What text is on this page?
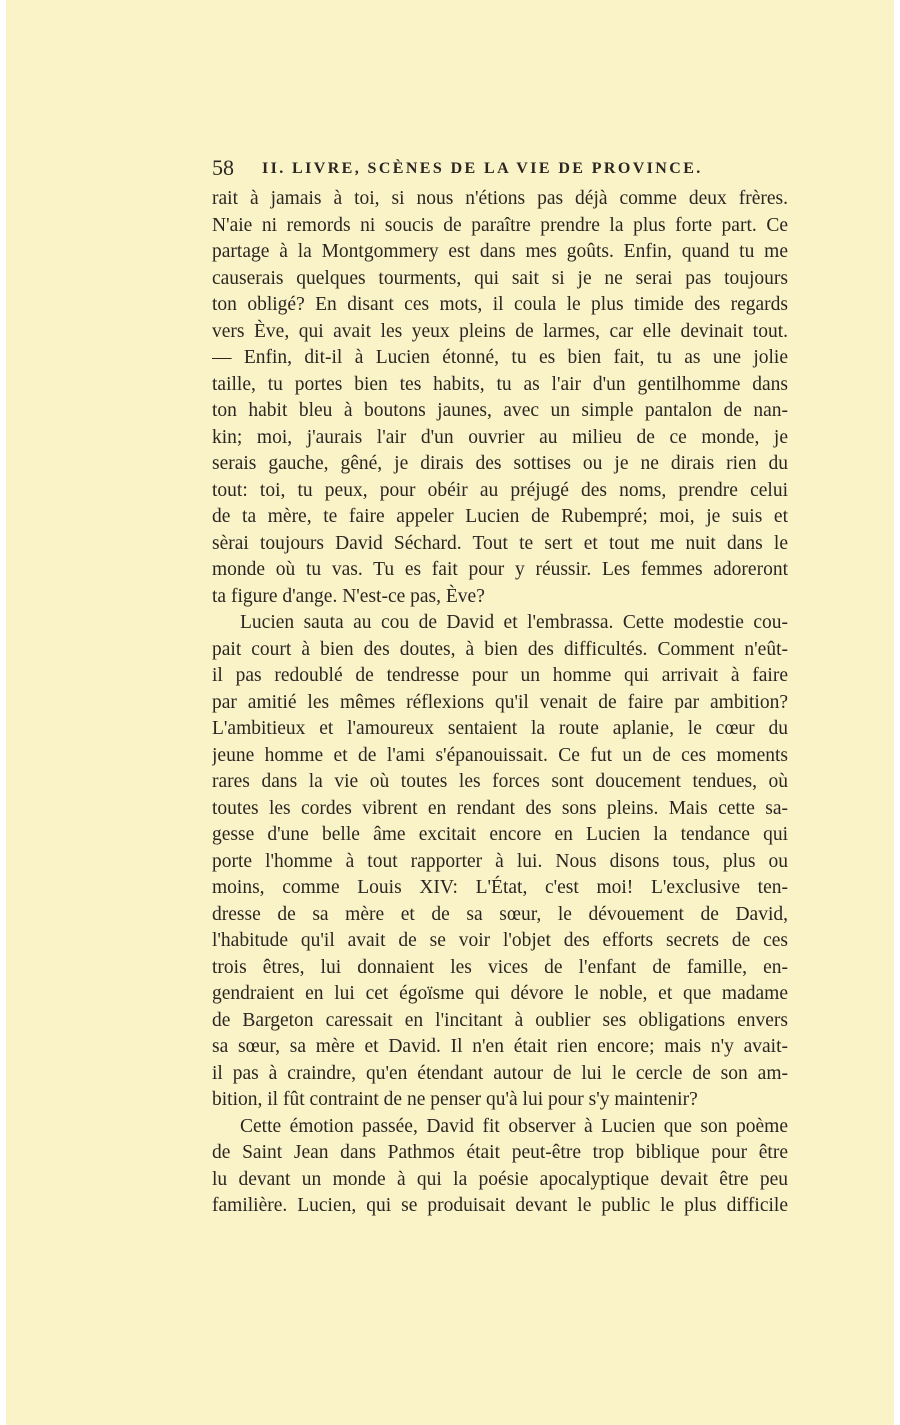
58 II. LIVRE, SCÈNES DE LA VIE DE PROVINCE.
rait à jamais à toi, si nous n'étions pas déjà comme deux frères.
N'aie ni remords ni soucis de paraître prendre la plus forte part. Ce
partage à la Montgommery est dans mes goûts. Enfin, quand tu me
causerais quelques tourments, qui sait si je ne serai pas toujours
ton obligé? En disant ces mots, il coula le plus timide des regards
vers Ève, qui avait les yeux pleins de larmes, car elle devinait tout.
— Enfin, dit-il à Lucien étonné, tu es bien fait, tu as une jolie
taille, tu portes bien tes habits, tu as l'air d'un gentilhomme dans
ton habit bleu à boutons jaunes, avec un simple pantalon de nan-
kin; moi, j'aurais l'air d'un ouvrier au milieu de ce monde, je
serais gauche, gêné, je dirais des sottises ou je ne dirais rien du
tout: toi, tu peux, pour obéir au préjugé des noms, prendre celui
de ta mère, te faire appeler Lucien de Rubempré; moi, je suis et
sèrai toujours David Séchard. Tout te sert et tout me nuit dans le
monde où tu vas. Tu es fait pour y réussir. Les femmes adoreront
ta figure d'ange. N'est-ce pas, Ève?
Lucien sauta au cou de David et l'embrassa. Cette modestie cou-
pait court à bien des doutes, à bien des difficultés. Comment n'eût-
il pas redoublé de tendresse pour un homme qui arrivait à faire
par amitié les mêmes réflexions qu'il venait de faire par ambition?
L'ambitieux et l'amoureux sentaient la route aplanie, le cœur du
jeune homme et de l'ami s'épanouissait. Ce fut un de ces moments
rares dans la vie où toutes les forces sont doucement tendues, où
toutes les cordes vibrent en rendant des sons pleins. Mais cette sa-
gesse d'une belle âme excitait encore en Lucien la tendance qui
porte l'homme à tout rapporter à lui. Nous disons tous, plus ou
moins, comme Louis XIV: L'État, c'est moi! L'exclusive ten-
dresse de sa mère et de sa sœur, le dévouement de David,
l'habitude qu'il avait de se voir l'objet des efforts secrets de ces
trois êtres, lui donnaient les vices de l'enfant de famille, en-
gendraient en lui cet égoïsme qui dévore le noble, et que madame
de Bargeton caressait en l'incitant à oublier ses obligations envers
sa sœur, sa mère et David. Il n'en était rien encore; mais n'y avait-
il pas à craindre, qu'en étendant autour de lui le cercle de son am-
bition, il fût contraint de ne penser qu'à lui pour s'y maintenir?
Cette émotion passée, David fit observer à Lucien que son poème
de Saint Jean dans Pathmos était peut-être trop biblique pour être
lu devant un monde à qui la poésie apocalyptique devait être peu
familière. Lucien, qui se produisait devant le public le plus difficile
